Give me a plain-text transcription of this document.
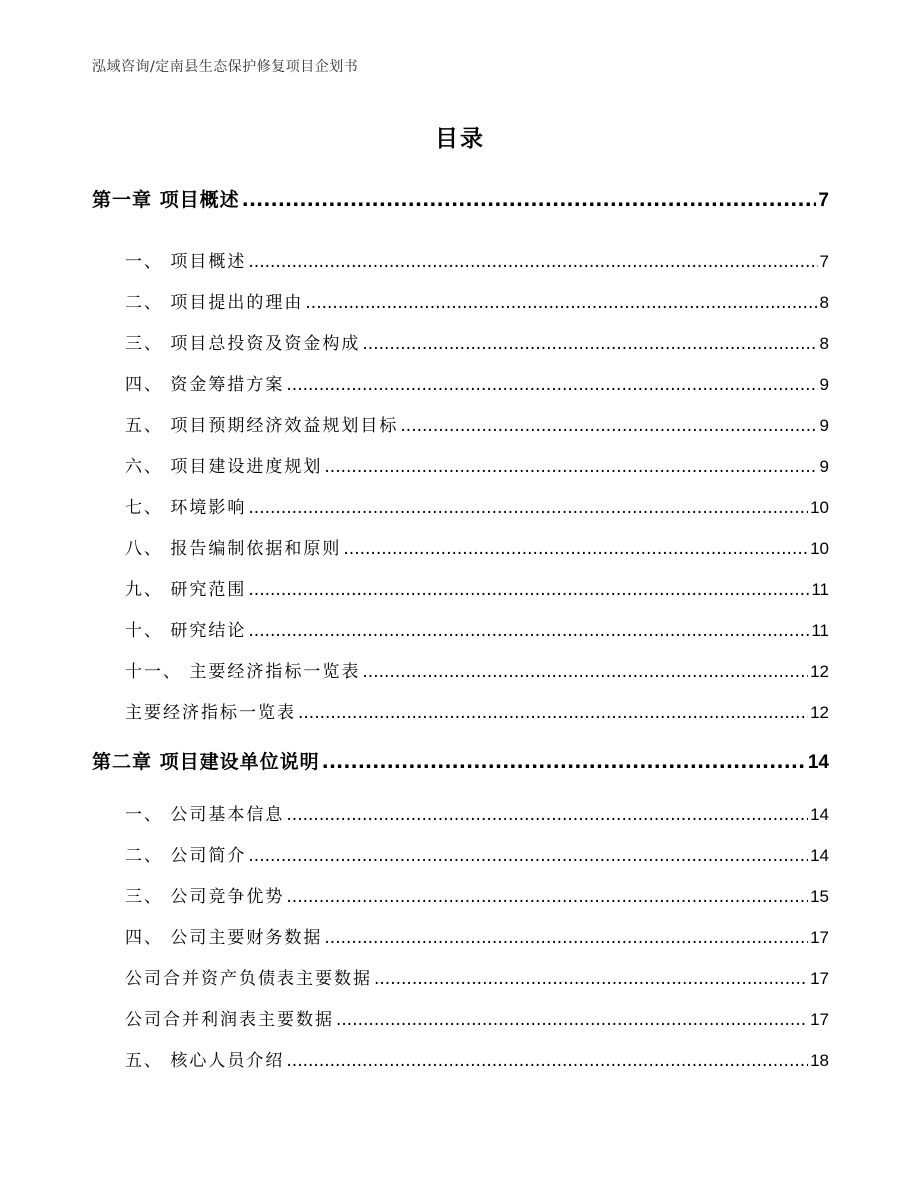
泓域咨询/定南县生态保护修复项目企划书
目录
第一章 项目概述 .....	7
一、 项目概述 .....	7
二、 项目提出的理由 .....	8
三、 项目总投资及资金构成 .....	8
四、 资金筹措方案 .....	9
五、 项目预期经济效益规划目标 .....	9
六、 项目建设进度规划 .....	9
七、 环境影响 .....	10
八、 报告编制依据和原则 .....	10
九、 研究范围 .....	11
十、 研究结论 .....	11
十一、 主要经济指标一览表 .....	12
主要经济指标一览表 .....	12
第二章 项目建设单位说明 .....	14
一、 公司基本信息 .....	14
二、 公司简介 .....	14
三、 公司竞争优势 .....	15
四、 公司主要财务数据 .....	17
公司合并资产负债表主要数据 .....	17
公司合并利润表主要数据 .....	17
五、 核心人员介绍 .....	18
